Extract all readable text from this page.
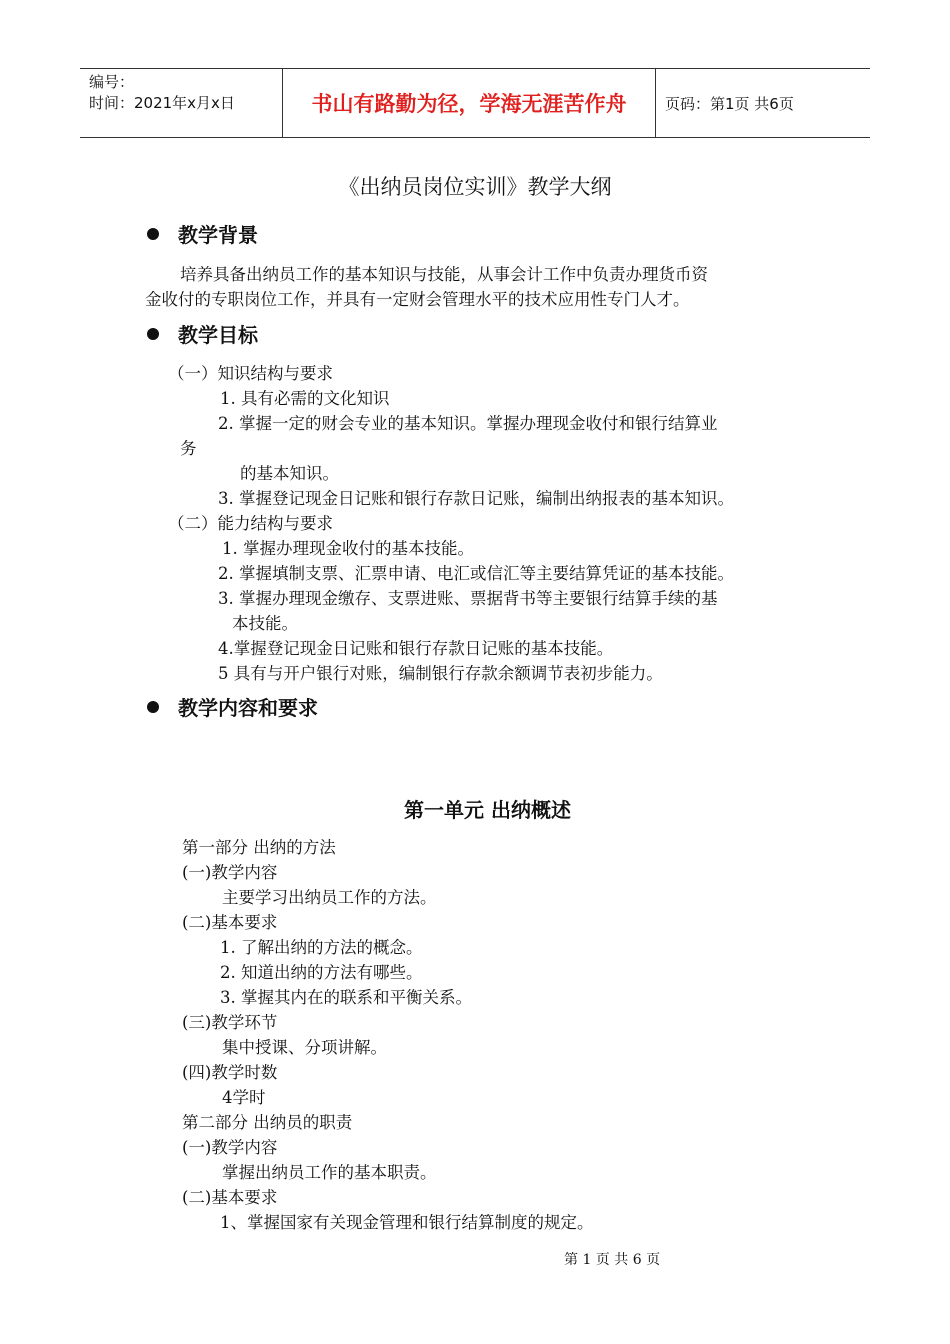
编号：
时间：2021年x月x日	书山有路勤为径，学海无涯苦作舟	页码：第1页 共6页
《出纳员岗位实训》教学大纲
教学背景
培养具备出纳员工作的基本知识与技能，从事会计工作中负责办理货币资
金收付的专职岗位工作，并具有一定财会管理水平的技术应用性专门人才。
教学目标
（一）知识结构与要求
1. 具有必需的文化知识
2. 掌握一定的财会专业的基本知识。掌握办理现金收付和银行结算业
务
的基本知识。
3. 掌握登记现金日记账和银行存款日记账，编制出纳报表的基本知识。
（二）能力结构与要求
1. 掌握办理现金收付的基本技能。
2. 掌握填制支票、汇票申请、电汇或信汇等主要结算凭证的基本技能。
3. 掌握办理现金缴存、支票进账、票据背书等主要银行结算手续的基
本技能。
4.掌握登记现金日记账和银行存款日记账的基本技能。
5 具有与开户银行对账，编制银行存款余额调节表初步能力。
教学内容和要求
第一单元 出纳概述
第一部分 出纳的方法
(一)教学内容
主要学习出纳员工作的方法。
(二)基本要求
1. 了解出纳的方法的概念。
2. 知道出纳的方法有哪些。
3. 掌握其内在的联系和平衡关系。
(三)教学环节
集中授课、分项讲解。
(四)教学时数
4学时
第二部分 出纳员的职责
(一)教学内容
掌握出纳员工作的基本职责。
(二)基本要求
1、掌握国家有关现金管理和银行结算制度的规定。
第 1 页 共 6 页
